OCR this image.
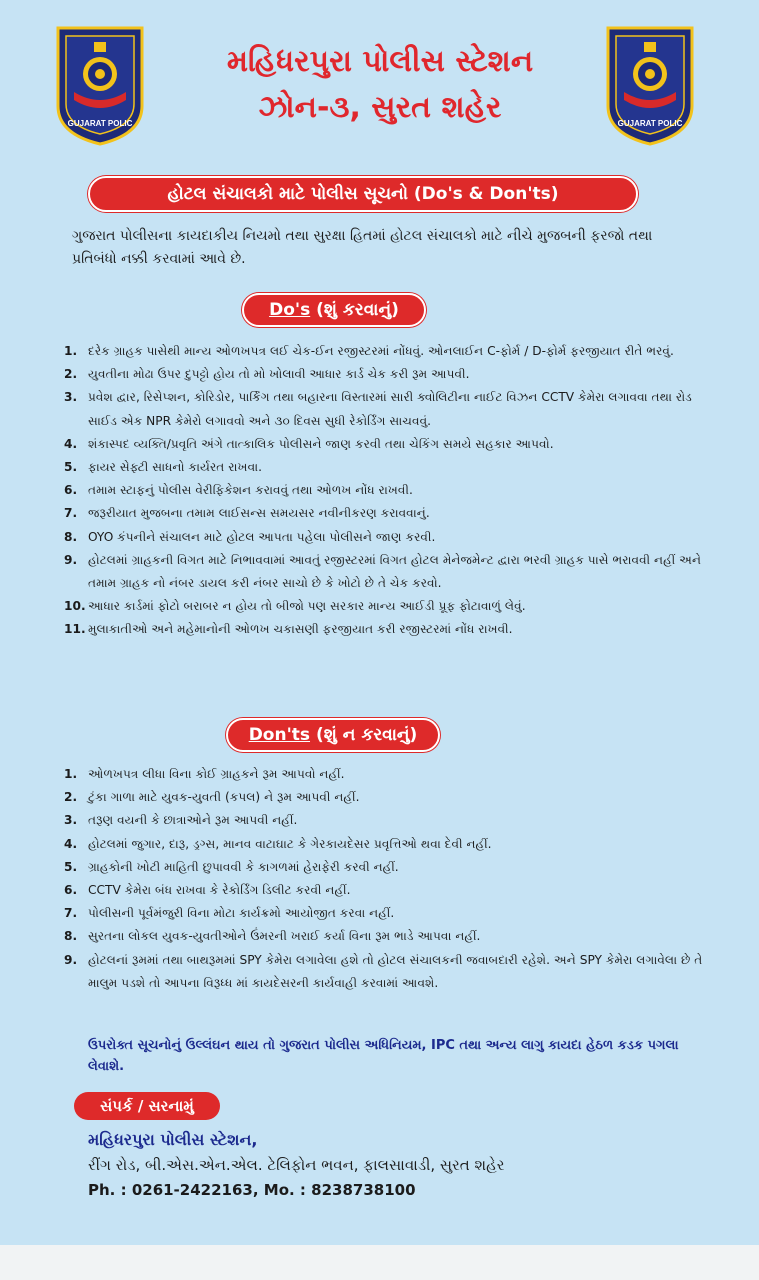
GUJARAT POLIC	GUJARAT POLIC
મહિધરપુરા પોલીસ સ્ટેશન
ઝોન-૩, સુરત શહેર
હોટલ સંચાલકો માટે પોલીસ સૂચનો (Do's & Don'ts)
ગુજરાત પોલીસના કાયદાકીય નિયમો તથા સુરક્ષા હિતમાં હોટલ સંચાલકો માટે નીચે મુજબની ફરજો તથા પ્રતિબંધો નક્કી કરવામાં આવે છે.
Do's (શું કરવાનું)
1. દરેક ગ્રાહક પાસેથી માન્ય ઓળખપત્ર લઈ ચેક-ઈન રજીસ્ટરમાં નોંધવું. ઓનલાઈન C-ફોર્મ / D-ફોર્મ ફરજીયાત રીતે ભરવું.
2. યુવતીના મોઢા ઉપર દુપટ્ટો હોય તો મો ખોલાવી આધાર કાર્ડ ચેક કરી રૂમ આપવી.
3. પ્રવેશ દ્વાર, રિસેપ્શન, કોરિડોર, પાર્કિંગ તથા બહારના વિસ્તારમાં સારી ક્વોલિટીના નાઈટ વિઝન CCTV કેમેરા લગાવવા તથા રોડ સાઈડ એક NPR કેમેરો લગાવવો અને ૩૦ દિવસ સુધી રેકોર્ડિંગ સાચવવું.
4. શંકાસ્પદ વ્યક્તિ/પ્રવૃતિ અંગે તાત્કાલિક પોલીસને જાણ કરવી તથા ચેકિંગ સમયે સહકાર આપવો.
5. ફાયર સેફ્ટી સાધનો કાર્યરત રાખવા.
6. તમામ સ્ટાફનું પોલીસ વેરીફિકેશન કરાવવું તથા ઓળખ નોંધ રાખવી.
7. જરૂરીયાત મુજબના તમામ લાઈસન્સ સમયસર નવીનીકરણ કરાવવાનું.
8. OYO કંપનીને સંચાલન માટે હોટલ આપતા પહેલા પોલીસને જાણ કરવી.
9. હોટલમાં ગ્રાહકની વિગત માટે નિભાવવામાં આવતું રજીસ્ટરમાં વિગત હોટલ મેનેજમેન્ટ દ્વારા ભરવી ગ્રાહક પાસે ભરાવવી નહીં અને તમામ ગ્રાહક નો નંબર ડાયલ કરી નંબર સાચો છે કે ખોટો છે તે ચેક કરવો.
10. આધાર કાર્ડમાં ફોટો બરાબર ન હોય તો બીજો પણ સરકાર માન્ય આઈડી પ્રૂફ ફોટાવાળું લેવું.
11. મુલાકાતીઓ અને મહેમાનોની ઓળખ ચકાસણી ફરજીયાત કરી રજીસ્ટરમાં નોંધ રાખવી.
Don'ts (શું ન કરવાનું)
1. ઓળખપત્ર લીધા વિના કોઈ ગ્રાહકને રૂમ આપવો નહીં.
2. ટુંકા ગાળા માટે યુવક-યુવતી (કપલ) ને રૂમ આપવી નહીં.
3. તરૂણ વયની કે છાત્રાઓને રૂમ આપવી નહીં.
4. હોટલમાં જુગાર, દારૂ, ડ્રગ્સ, માનવ વાટાઘાટ કે ગેરકાયદેસર પ્રવૃત્તિઓ થવા દેવી નહીં.
5. ગ્રાહકોની ખોટી માહિતી છુપાવવી કે કાગળમાં હેરાફેરી કરવી નહીં.
6. CCTV કેમેરા બંધ રાખવા કે રેકોર્ડિંગ ડિલીટ કરવી નહીં.
7. પોલીસની પૂર્વમંજુરી વિના મોટા કાર્યક્રમો આયોજીત કરવા નહીં.
8. સુરતના લોકલ યુવક-યુવતીઓને ઉંમરની ખરાઈ કર્યા વિના રૂમ ભાડે આપવા નહીં.
9. હોટલનાં રૂમમાં તથા બાથરૂમમાં SPY કેમેરા લગાવેલા હશે તો હોટલ સંચાલકની જવાબદારી રહેશે. અને SPY કેમેરા લગાવેલા છે તે માલુમ પડશે તો આપના વિરૂધ્ધ માં કાયદેસરની કાર્યવાહી કરવામાં આવશે.
ઉપરોક્ત સૂચનોનું ઉલ્લંઘન થાય તો ગુજરાત પોલીસ અધિનિયમ, IPC તથા અન્ય લાગુ કાયદા હેઠળ કડક પગલા લેવાશે.
સંપર્ક / સરનામું
મહિધરપુરા પોલીસ સ્ટેશન,
રીંગ રોડ, બી.એસ.એન.એલ. ટેલિફોન ભવન, ફાલસાવાડી, સુરત શહેર
Ph. : 0261-2422163, Mo. : 8238738100
